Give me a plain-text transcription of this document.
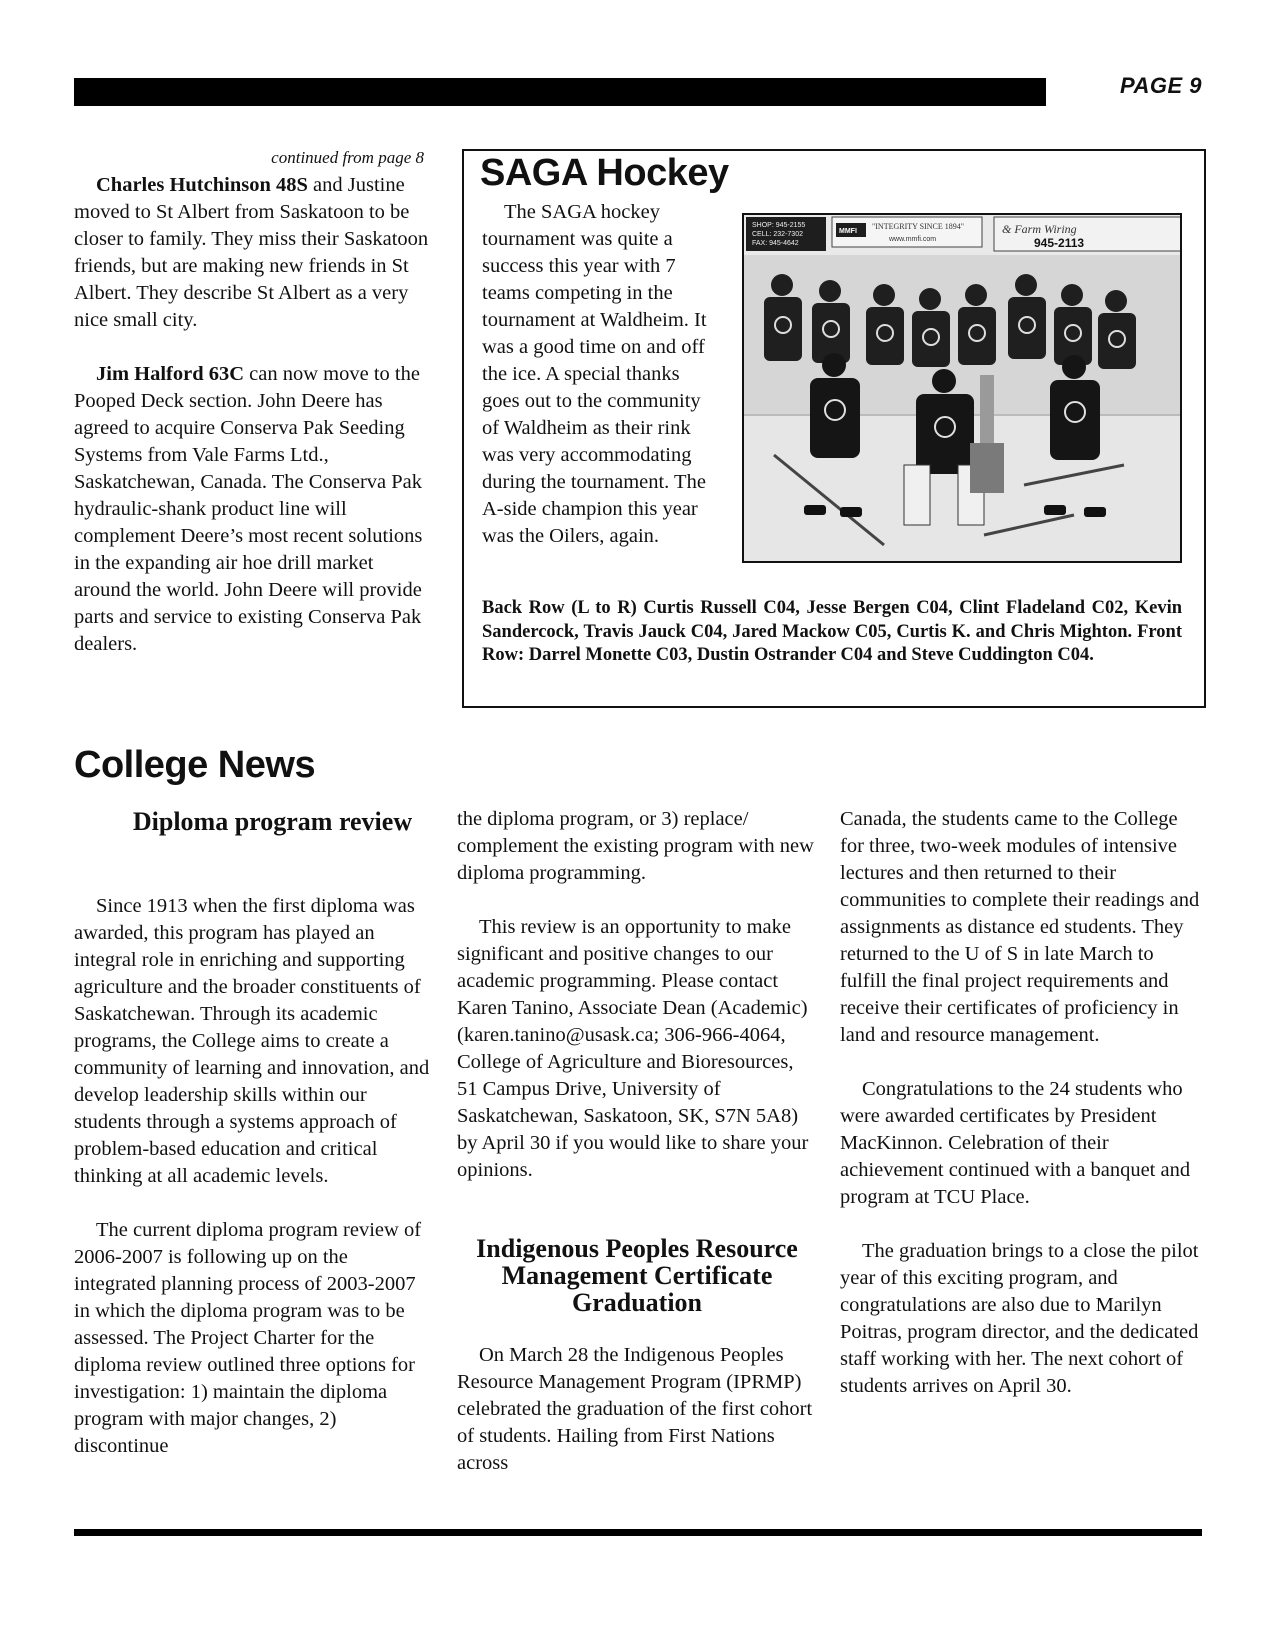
PAGE 9
continued from page 8

Charles Hutchinson 48S and Justine moved to St Albert from Saskatoon to be closer to family. They miss their Saskatoon friends, but are making new friends in St Albert. They describe St Albert as a very nice small city.

Jim Halford 63C can now move to the Pooped Deck section. John Deere has agreed to acquire Conserva Pak Seeding Systems from Vale Farms Ltd., Saskatchewan, Canada. The Conserva Pak hydraulic-shank product line will complement Deere’s most recent solutions in the expanding air hoe drill market around the world. John Deere will provide parts and service to existing Conserva Pak dealers.

SAGA Hockey

The SAGA hockey tournament was quite a success this year with 7 teams competing in the tournament at Waldheim. It was a good time on and off the ice. A special thanks goes out to the community of Waldheim as their rink was very accommodating during the tournament. The A-side champion this year was the Oilers, again.

SHOP: 945-2155
CELL: 232-7302
FAX: 945-4642
MMFI
"INTEGRITY SINCE 1894"
www.mmfi.com
& Farm Wiring
945-2113
Back Row (L to R) Curtis Russell C04, Jesse Bergen C04, Clint Fladeland C02, Kevin Sandercock, Travis Jauck C04, Jared Mackow C05, Curtis K. and Chris Mighton. Front Row: Darrel Monette C03, Dustin Ostrander C04 and Steve Cuddington C04.
College News
Diploma program review

Since 1913 when the first diploma was awarded, this program has played an integral role in enriching and supporting agriculture and the broader constituents of Saskatchewan. Through its academic programs, the College aims to create a community of learning and innovation, and develop leadership skills within our students through a systems approach of problem-based education and critical thinking at all academic levels.

The current diploma program review of 2006-2007 is following up on the integrated planning process of 2003-2007 in which the diploma program was to be assessed. The Project Charter for the diploma review outlined three options for investigation: 1) maintain the diploma program with major changes, 2) discontinue

the diploma program, or 3) replace/ complement the existing program with new diploma programming.

This review is an opportunity to make significant and positive changes to our academic programming. Please contact Karen Tanino, Associate Dean (Academic) (karen.tanino@usask.ca; 306-966-4064, College of Agriculture and Bioresources, 51 Campus Drive, University of Saskatchewan, Saskatoon, SK, S7N 5A8) by April 30 if you would like to share your opinions.

Indigenous Peoples Resource Management Certificate Graduation

On March 28 the Indigenous Peoples Resource Management Program (IPRMP) celebrated the graduation of the first cohort of students. Hailing from First Nations across

Canada, the students came to the College for three, two-week modules of intensive lectures and then returned to their communities to complete their readings and assignments as distance ed students. They returned to the U of S in late March to fulfill the final project requirements and receive their certificates of proficiency in land and resource management.

Congratulations to the 24 students who were awarded certificates by President MacKinnon. Celebration of their achievement continued with a banquet and program at TCU Place.

The graduation brings to a close the pilot year of this exciting program, and congratulations are also due to Marilyn Poitras, program director, and the dedicated staff working with her. The next cohort of students arrives on April 30.
